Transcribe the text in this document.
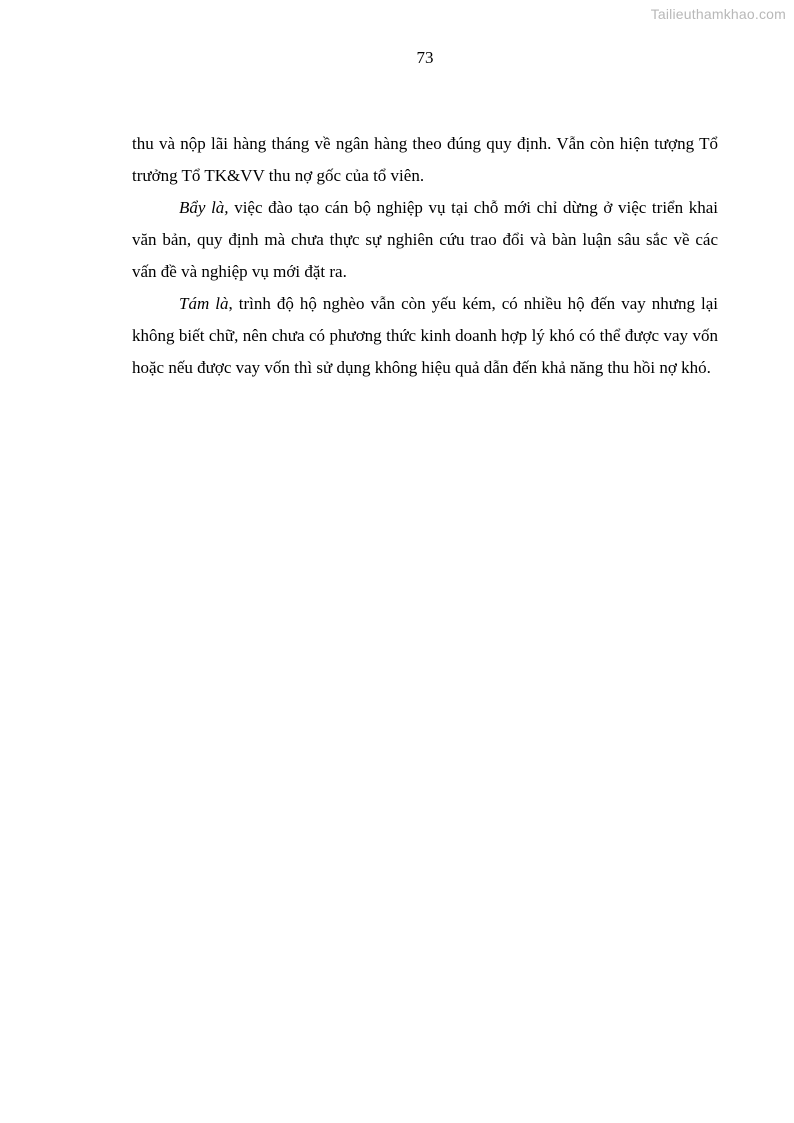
Tailieuthamkhao.com
73

thu và nộp lãi hàng tháng về ngân hàng theo đúng quy định. Vẫn còn hiện tượng Tổ trưởng Tổ TK&VV thu nợ gốc của tổ viên.

Bẩy là, việc đào tạo cán bộ nghiệp vụ tại chỗ mới chỉ dừng ở việc triển khai văn bản, quy định mà chưa thực sự nghiên cứu trao đổi và bàn luận sâu sắc về các vấn đề và nghiệp vụ mới đặt ra.

Tám là, trình độ hộ nghèo vẫn còn yếu kém, có nhiều hộ đến vay nhưng lại không biết chữ, nên chưa có phương thức kinh doanh hợp lý khó có thể được vay vốn hoặc nếu được vay vốn thì sử dụng không hiệu quả dẫn đến khả năng thu hồi nợ khó.
